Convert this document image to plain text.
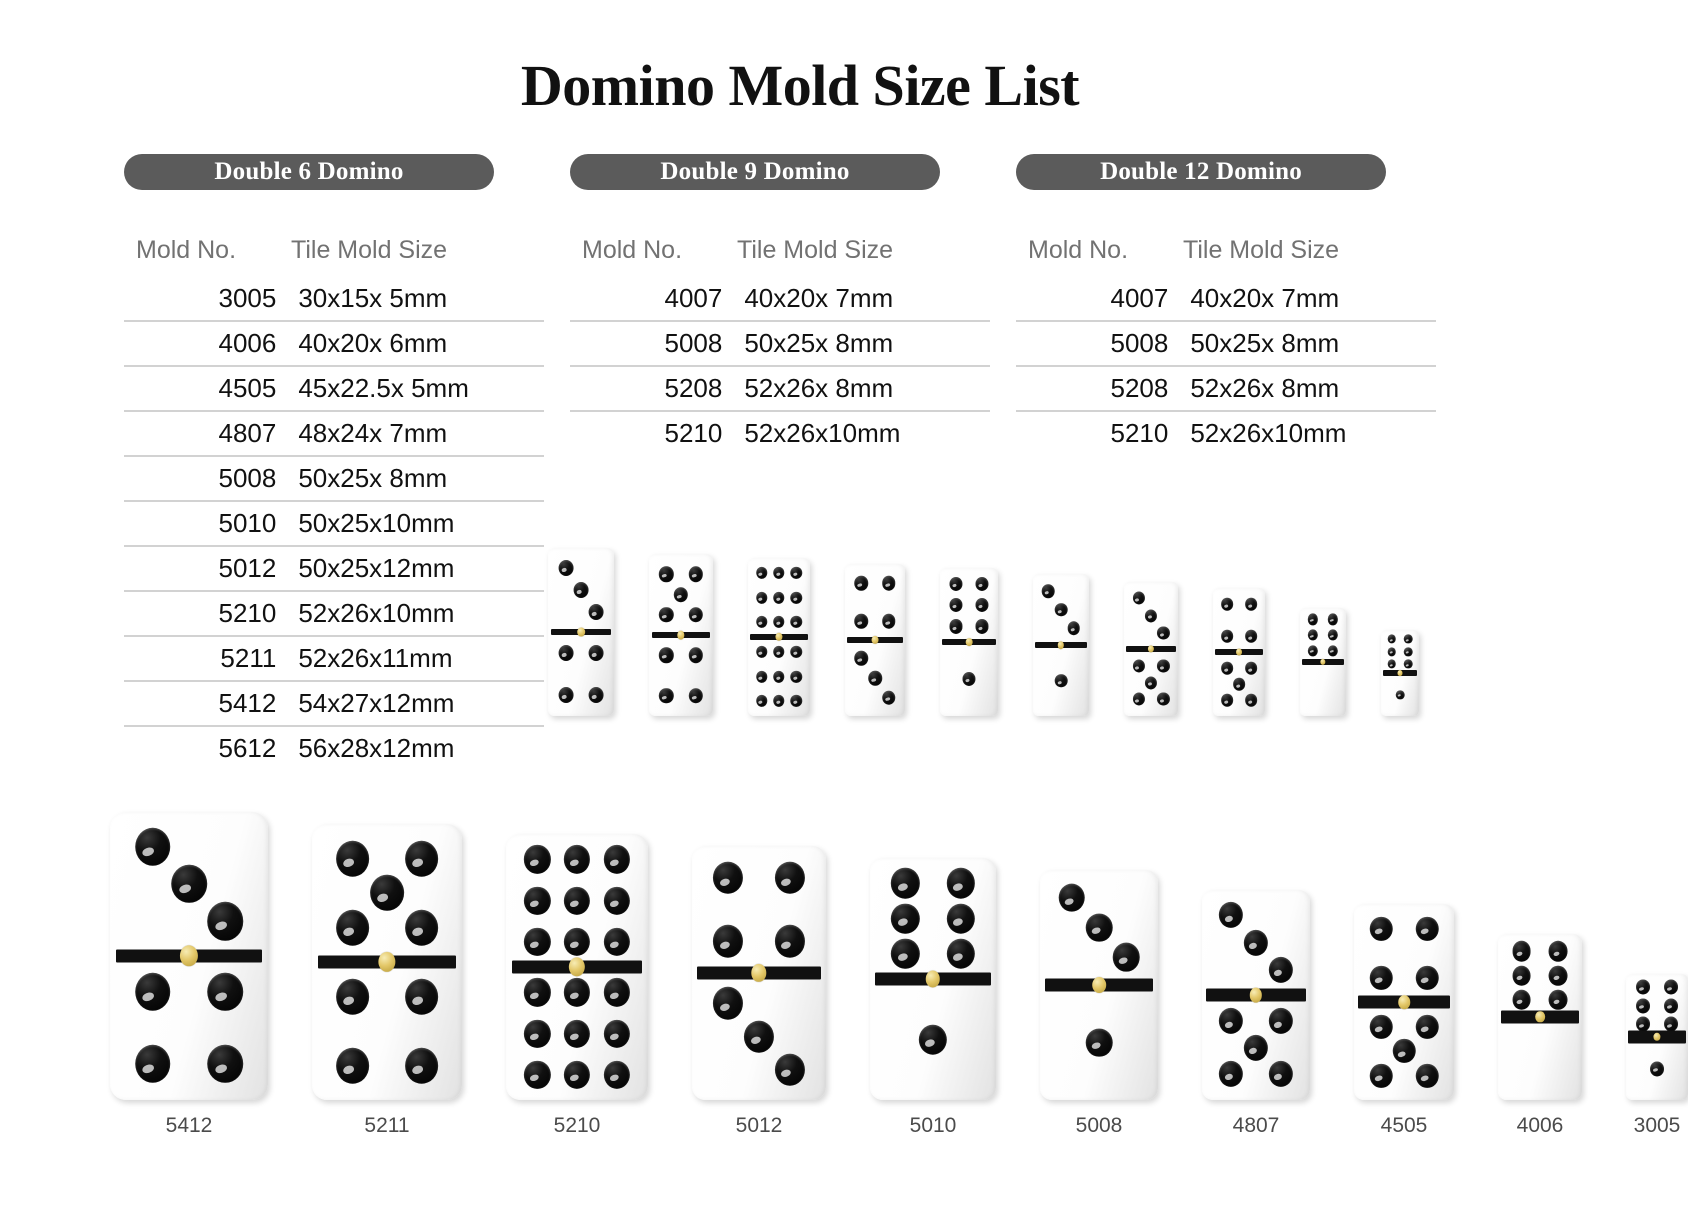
Domino Mold Size List
Double 6 Domino
Mold No.	Tile Mold Size
3005 30x15x 5mm
4006 40x20x 6mm
4505 45x22.5x 5mm
4807 48x24x 7mm
5008 50x25x 8mm
5010 50x25x10mm
5012 50x25x12mm
5210 52x26x10mm
5211 52x26x11mm
5412 54x27x12mm
5612 56x28x12mm
Double 9 Domino
Mold No.	Tile Mold Size
4007 40x20x 7mm
5008 50x25x 8mm
5208 52x26x 8mm
5210 52x26x10mm
Double 12 Domino
Mold No.	Tile Mold Size
4007 40x20x 7mm
5008 50x25x 8mm
5208 52x26x 8mm
5210 52x26x10mm
5412	5211	5210	5012	5010	5008	4807	4505	4006	3005
